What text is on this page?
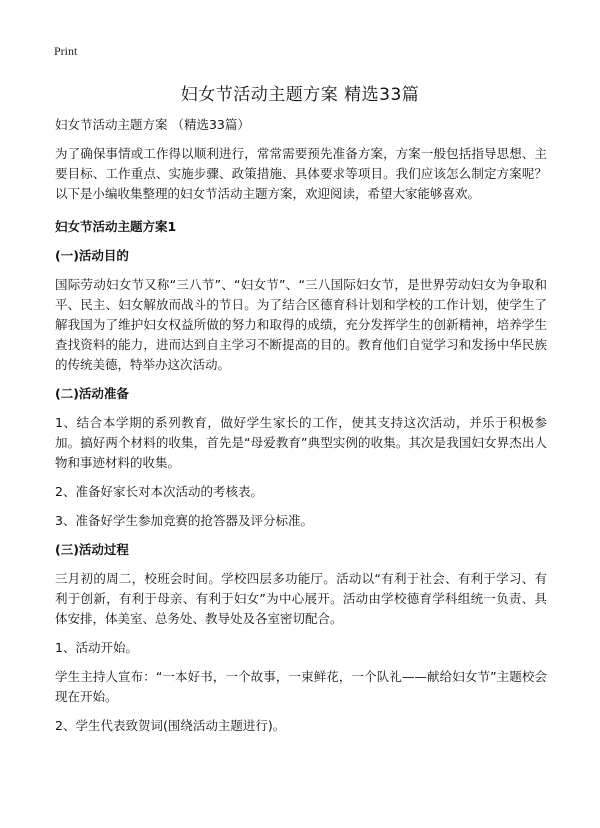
Print
妇女节活动主题方案 精选33篇
妇女节活动主题方案 （精选33篇）

为了确保事情或工作得以顺利进行，常常需要预先准备方案，方案一般包括指导思想、主要目标、工作重点、实施步骤、政策措施、具体要求等项目。我们应该怎么制定方案呢？以下是小编收集整理的妇女节活动主题方案，欢迎阅读，希望大家能够喜欢。

妇女节活动主题方案1
(一)活动目的

国际劳动妇女节又称“三八节”、“妇女节”、“三八国际妇女节，是世界劳动妇女为争取和平、民主、妇女解放而战斗的节日。为了结合区德育科计划和学校的工作计划，使学生了解我国为了维护妇女权益所做的努力和取得的成绩，充分发挥学生的创新精神，培养学生查找资料的能力，进而达到自主学习不断提高的目的。教育他们自觉学习和发扬中华民族的传统美德，特举办这次活动。

(二)活动准备

1、结合本学期的系列教育，做好学生家长的工作，使其支持这次活动，并乐于积极参加。搞好两个材料的收集，首先是“母爱教育”典型实例的收集。其次是我国妇女界杰出人物和事迹材料的收集。

2、准备好家长对本次活动的考核表。

3、准备好学生参加竞赛的抢答器及评分标准。

(三)活动过程

三月初的周二，校班会时间。学校四层多功能厅。活动以“有利于社会、有利于学习、有利于创新，有利于母亲、有利于妇女”为中心展开。活动由学校德育学科组统一负责、具体安排，体美室、总务处、教导处及各室密切配合。

1、活动开始。

学生主持人宣布：“一本好书，一个故事，一束鲜花，一个队礼——献给妇女节”主题校会现在开始。

2、学生代表致贺词(围绕活动主题进行)。
